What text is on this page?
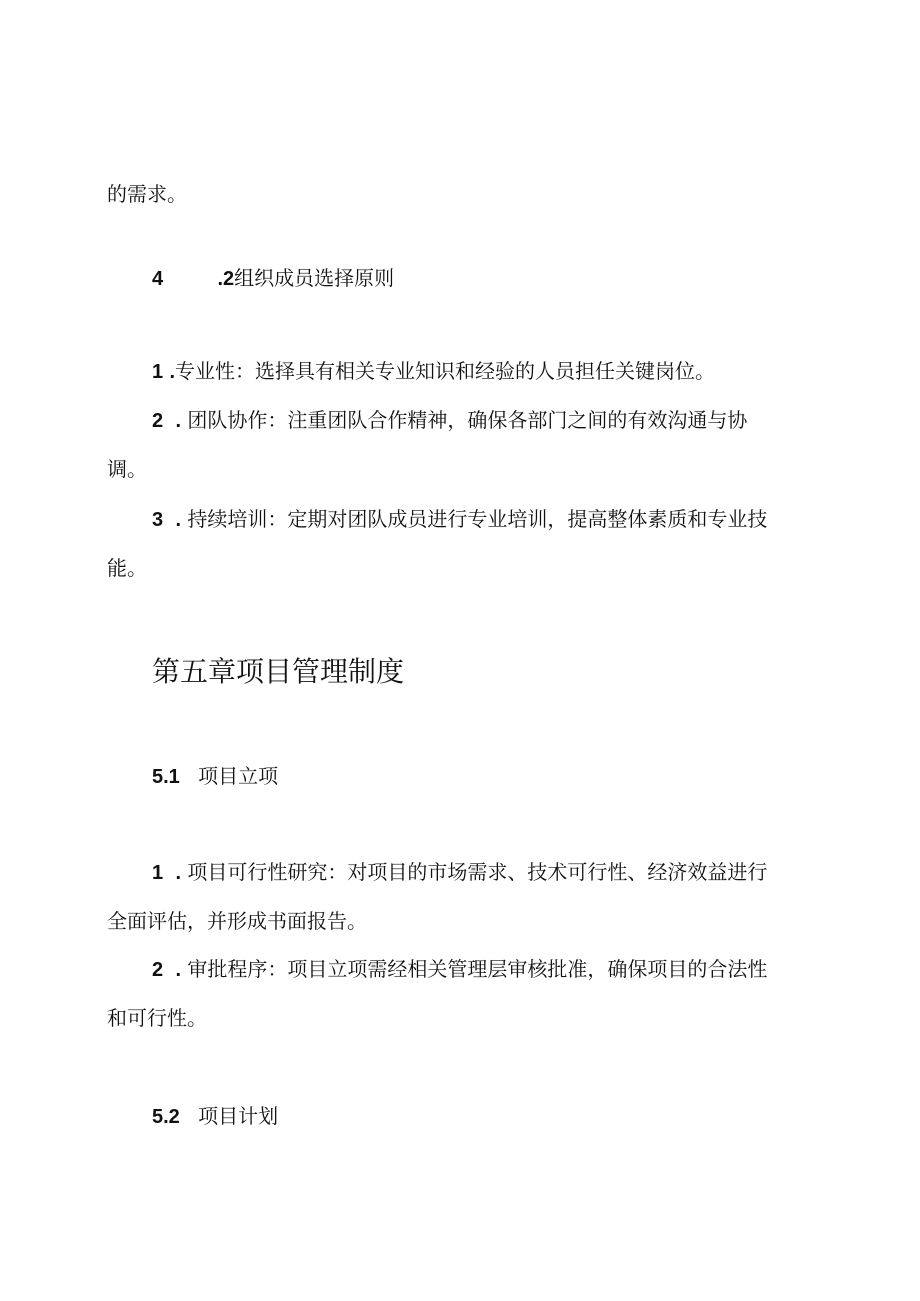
的需求。
4	.2组织成员选择原则
1 .专业性：选择具有相关专业知识和经验的人员担任关键岗位。
2 . 团队协作：注重团队合作精神，确保各部门之间的有效沟通与协
调。
3 . 持续培训：定期对团队成员进行专业培训，提高整体素质和专业技
能。
第五章项目管理制度
5.1 项目立项
1 . 项目可行性研究：对项目的市场需求、技术可行性、经济效益进行
全面评估，并形成书面报告。
2 . 审批程序：项目立项需经相关管理层审核批准，确保项目的合法性
和可行性。
5.2 项目计划
